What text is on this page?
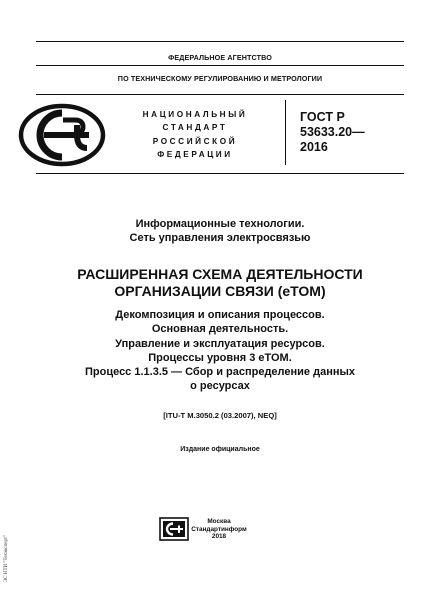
ФЕДЕРАЛЬНОЕ АГЕНТСТВО
ПО ТЕХНИЧЕСКОМУ РЕГУЛИРОВАНИЮ И МЕТРОЛОГИИ
НАЦИОНАЛЬНЫЙ
СТАНДАРТ
РОССИЙСКОЙ
ФЕДЕРАЦИИ
ГОСТ Р
53633.20—
2016
Информационные технологии.
Сеть управления электросвязью
РАСШИРЕННАЯ СХЕМА ДЕЯТЕЛЬНОСТИ
ОРГАНИЗАЦИИ СВЯЗИ (еТОМ)
Декомпозиция и описания процессов.
Основная деятельность.
Управление и эксплуатация ресурсов.
Процессы уровня 3 еТОМ.
Процесс 1.1.3.5 — Сбор и распределение данных
о ресурсах
[ITU-T M.3050.2 (03.2007), NEQ]
Издание официальное
Москва
Стандартинформ
2018
ЭС НТИ "Техэксперт"
